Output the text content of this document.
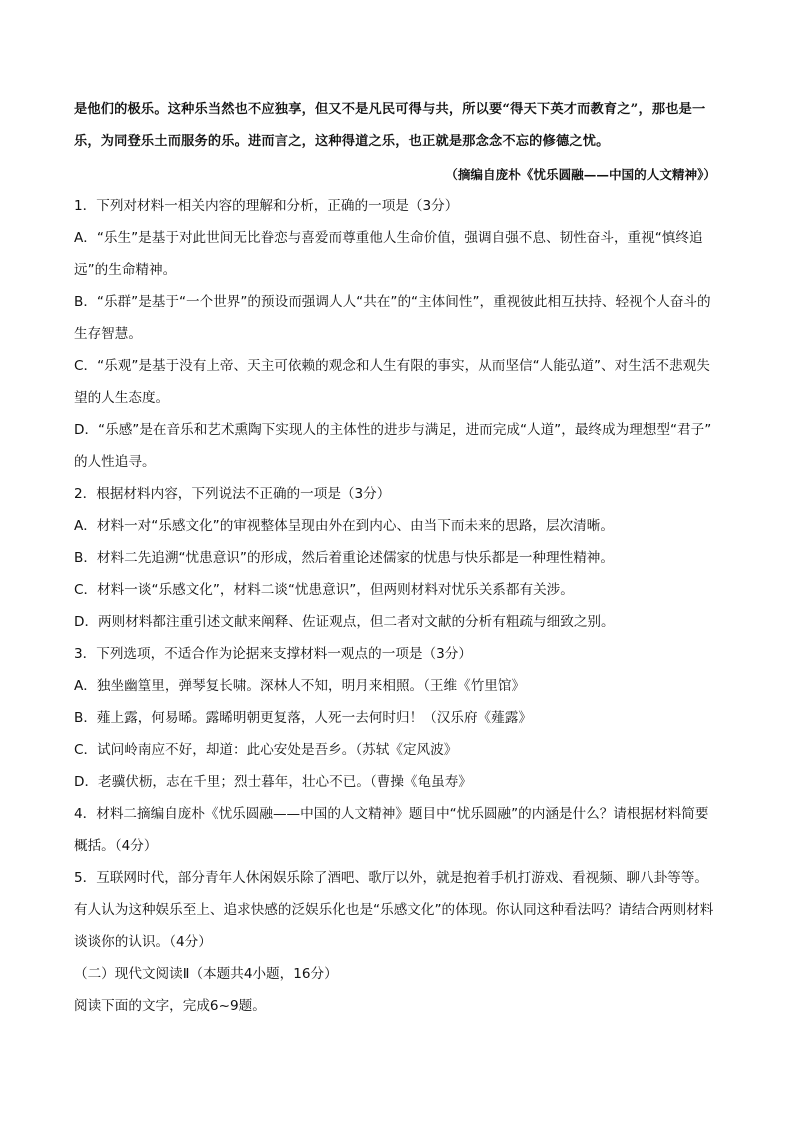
是他们的极乐。这种乐当然也不应独享，但又不是凡民可得与共，所以要“得天下英才而教育之”，那也是一
乐，为同登乐土而服务的乐。进而言之，这种得道之乐，也正就是那念念不忘的修德之忧。
（摘编自庞朴《忧乐圆融——中国的人文精神》）
1．下列对材料一相关内容的理解和分析，正确的一项是（3分）
A．“乐生”是基于对此世间无比眷恋与喜爱而尊重他人生命价值，强调自强不息、韧性奋斗，重视“慎终追
远”的生命精神。
B．“乐群”是基于“一个世界”的预设而强调人人“共在”的“主体间性”，重视彼此相互扶持、轻视个人奋斗的
生存智慧。
C．“乐观”是基于没有上帝、天主可依赖的观念和人生有限的事实，从而坚信“人能弘道”、对生活不悲观失
望的人生态度。
D．“乐感”是在音乐和艺术熏陶下实现人的主体性的进步与满足，进而完成“人道”，最终成为理想型“君子”
的人性追寻。
2．根据材料内容，下列说法不正确的一项是（3分）
A．材料一对“乐感文化”的审视整体呈现由外在到内心、由当下而未来的思路，层次清晰。
B．材料二先追溯“忧患意识”的形成，然后着重论述儒家的忧患与快乐都是一种理性精神。
C．材料一谈“乐感文化”，材料二谈“忧患意识”，但两则材料对忧乐关系都有关涉。
D．两则材料都注重引述文献来阐释、佐证观点，但二者对文献的分析有粗疏与细致之别。
3．下列选项，不适合作为论据来支撑材料一观点的一项是（3分）
A．独坐幽篁里，弹琴复长啸。深林人不知，明月来相照。（王维《竹里馆》
B．薤上露，何易晞。露晞明朝更复落，人死一去何时归！（汉乐府《薤露》
C．试问岭南应不好，却道：此心安处是吾乡。（苏轼《定风波》
D．老骥伏枥，志在千里；烈士暮年，壮心不已。（曹操《龟虽寿》
4．材料二摘编自庞朴《忧乐圆融——中国的人文精神》题目中“忧乐圆融”的内涵是什么？请根据材料简要
概括。（4分）
5．互联网时代，部分青年人休闲娱乐除了酒吧、歌厅以外，就是抱着手机打游戏、看视频、聊八卦等等。
有人认为这种娱乐至上、追求快感的泛娱乐化也是“乐感文化”的体现。你认同这种看法吗？请结合两则材料
谈谈你的认识。（4分）
（二）现代文阅读Ⅱ（本题共4小题，16分）
阅读下面的文字，完成6~9题。
